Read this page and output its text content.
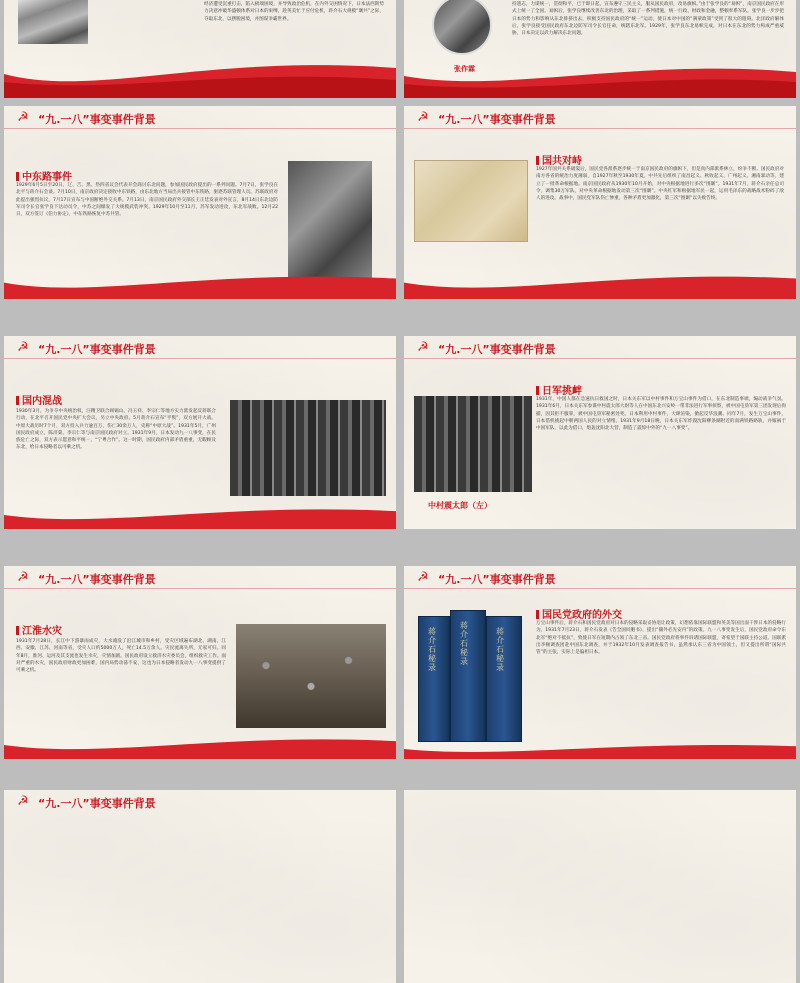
经济遭受沉重打击，陷入极端困境，并导致政治危机，在内外交困情况下，日本法西斯势力决意冲破华盛顿体系对日本的束缚，趁英美忙于应付危机，蒋介石大规模“剿共”之际，夺取东北，以摆脱困境，并图谋争霸世界。
持遗志，力谋统一，贯彻和平，已于即日起，宣布遵守三民主义，服从国民政府，改易旗帜。”由于张学良的“易帜”，南京国民政府在形式上统一了全国。易帜后，张学良继续改善东北的治理，采取了一系列措施，统一行政、财政和金融，整顿奉系军队。张学良一步步把日本的势力和影响从东北排挤出去，积极支持国民政府的“统一”运动，使日本对中国的“满蒙政策”受到了很大的阻碍。北洋政府解体后，张学良接受国民政府东北边防军司令长官任命，统辖东北军。1929年，张学良东北易帜完成，对日本在东北的势力构成严重威胁，日本决定以武力解决东北问题。
张作霖
☭ “九.一八”事变事件背景
中东路事件
1929年6月5日至20日，辽、吉、黑、热四省议会代表开会商讨东北问题，参加国民政府提出的一系列问题。7月7日，张学良在北平与蒋介石会谈。7月10日，南京政府决定接收中东铁路，由东北地方当局出兵接管中东铁路，驱逐苏联管理人员。苏联政府对此提出强烈抗议，7月17日宣布与中国断绝外交关系。7月13日，南京国民政府外交部长王正廷发表对外宣言，8月14日东北边防军司令长官张学良下达动员令，中苏之间爆发了大规模武装冲突。1929年10月至11月，苏军发动进攻，东北军战败。12月22日，双方签订《伯力协定》，中东铁路恢复中苏共管。
☭ “九.一八”事变事件背景
国共对峙
1927年国共关系破裂后，国民党各派系逐步统一于南京国民政府的旗帜下，但是真内部派系林立，纷争不断。国民政府对南方各省的统治力度薄弱，自1927年秋至1930年夏，中共先后组织了南昌起义、秋收起义、广州起义、湘南暴动等，建立了一批革命根据地。南京国民政府从1930年10月开始，对中央根据地进行多次“围剿”。1931年7月，蒋介石亲任总司令，调集30万军队，对中央革命根据地发动第三次“围剿”。中央红军和根据地军民一起，运用毛泽东的战略战术粉碎了敌人的进攻。战事中，国民党军队伤亡惨重，各种矛盾更加激化，第三次“围剿”以失败告终。
☭ “九.一八”事变事件背景
国内混战
1930年3月，为争夺中央统治权，汪精卫联合阎锡山、冯玉祥、李宗仁等地方实力派发起反蒋联合行动，在北平召开国民党中央扩大会议，另立中央政府。5月蒋介石宣布“平叛”，双方展开大战。中原大战历时7个月，双方投入兵力逾百万，伤亡30余万人，史称“中原大战”。1931年5月，广州国民政府成立，陈济棠、李宗仁等与南京国民政府对立。1931年9月，日本发动九一八事变，在民族危亡之际，双方表示愿意和平统一，“宁粤合作”。这一时期，国民政府内部矛盾重重，无暇顾及东北，给日本侵略者以可乘之机。
☭ “九.一八”事变事件背景
日军挑衅
中村震太郎（左）
1931年，中国人都在急速抗日救国之时，日本关东军以中村事件和万宝山事件为借口，在东北制造事端，煽动战争气氛。1931年6月，日本关东军参谋中村震太郎大尉等人在中国东北兴安岭一带非法进行军事侦察，被中国屯垦军第三团发现后拘捕，因其拒不服罪，被中国屯垦军秘密处死。日本利用中村事件，大肆渲染，掀起反华浪潮。同年7月，发生万宝山事件，日本借机挑起中朝两国人民的对立情绪。1931年9月18日晚，日本关东军炸毁沈阳柳条湖附近的南满铁路路轨，并嫁祸于中国军队，以此为借口，炮轰沈阳北大营，制造了震惊中外的“九一八事变”。
☭ “九.一八”事变事件背景
江淮水灾
1931年7月28日，长江中下游暴雨成灾，大水淹没了沿江城市和乡村，受灾区域遍布湖北、湖南、江西、安徽、江苏、河南等省，受灾人口约5000万人，死亡14.5万余人。灾民流离失所，无家可归。同年8月，淮河、运河及其支流也发生水灾，灾情加剧。国民政府设立救济水灾委员会，组织救灾工作。面对严重的水灾，国民政府财政更加困难，国内局势动荡不安，这也为日本侵略者发动九一八事变提供了可乘之机。
☭ “九.一八”事变事件背景
国民党政府的外交
蒋介石秘录
蒋介石秘录
蒋介石秘录
万宝山事件后，蒋介石和国民党政府对日本的侵略采取妥协退让政策，幻想依靠国际联盟和英美等国出面干涉日本的侵略行为。1931年7月23日，蒋介石发表《告全国同胞书》，提出“攘外必先安内”的政策。九一八事变发生后，国民党政府命令东北军“绝对不抵抗”，致使日军在短期内占领了东北三省。国民党政府将事件诉诸国际联盟，寄希望于国联主持公道。国联派出李顿调查团赴中国东北调查，并于1932年10月发表调查报告书，虽然承认东三省为中国领土，但又提出所谓“国际共管”的主张，实际上是偏袒日本。
☭ “九.一八”事变事件背景
